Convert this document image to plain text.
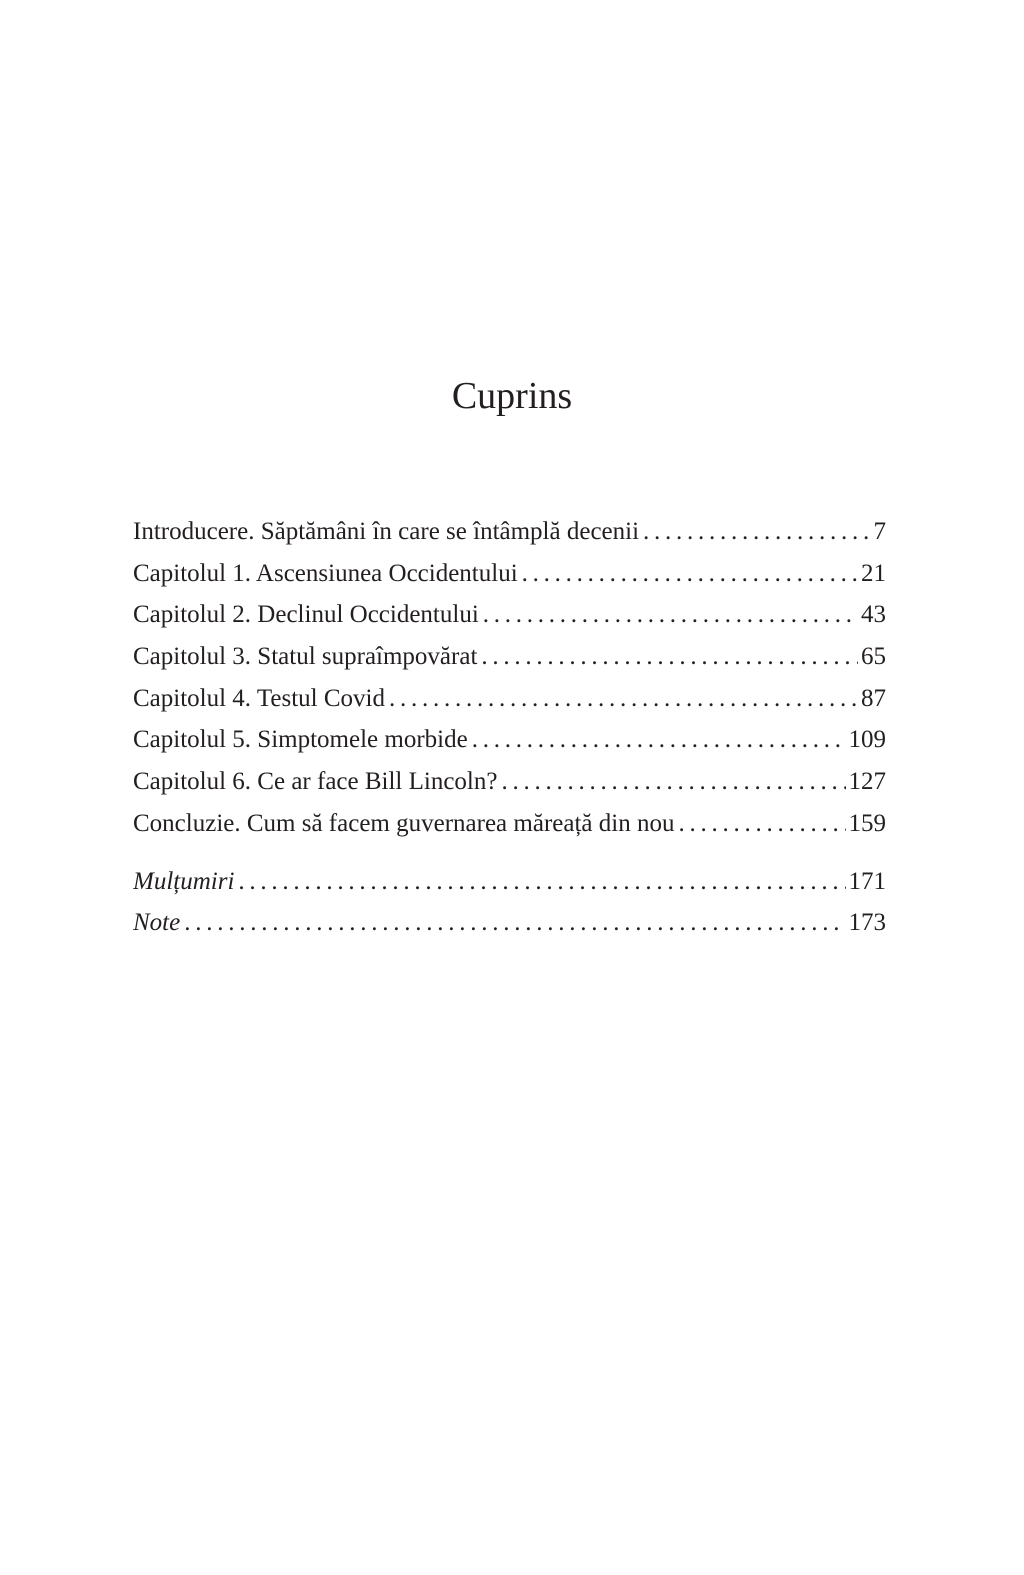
Cuprins
Introducere. Săptămâni în care se întâmplă decenii . . .	7
Capitolul 1. Ascensiunea Occidentului . . .	21
Capitolul 2. Declinul Occidentului . . .	43
Capitolul 3. Statul supraîmpovărat . . .	65
Capitolul 4. Testul Covid . . .	87
Capitolul 5. Simptomele morbide . . .	109
Capitolul 6. Ce ar face Bill Lincoln? . . .	127
Concluzie. Cum să facem guvernarea măreață din nou . . .	159
Mulțumiri . . .	171
Note . . .	173
